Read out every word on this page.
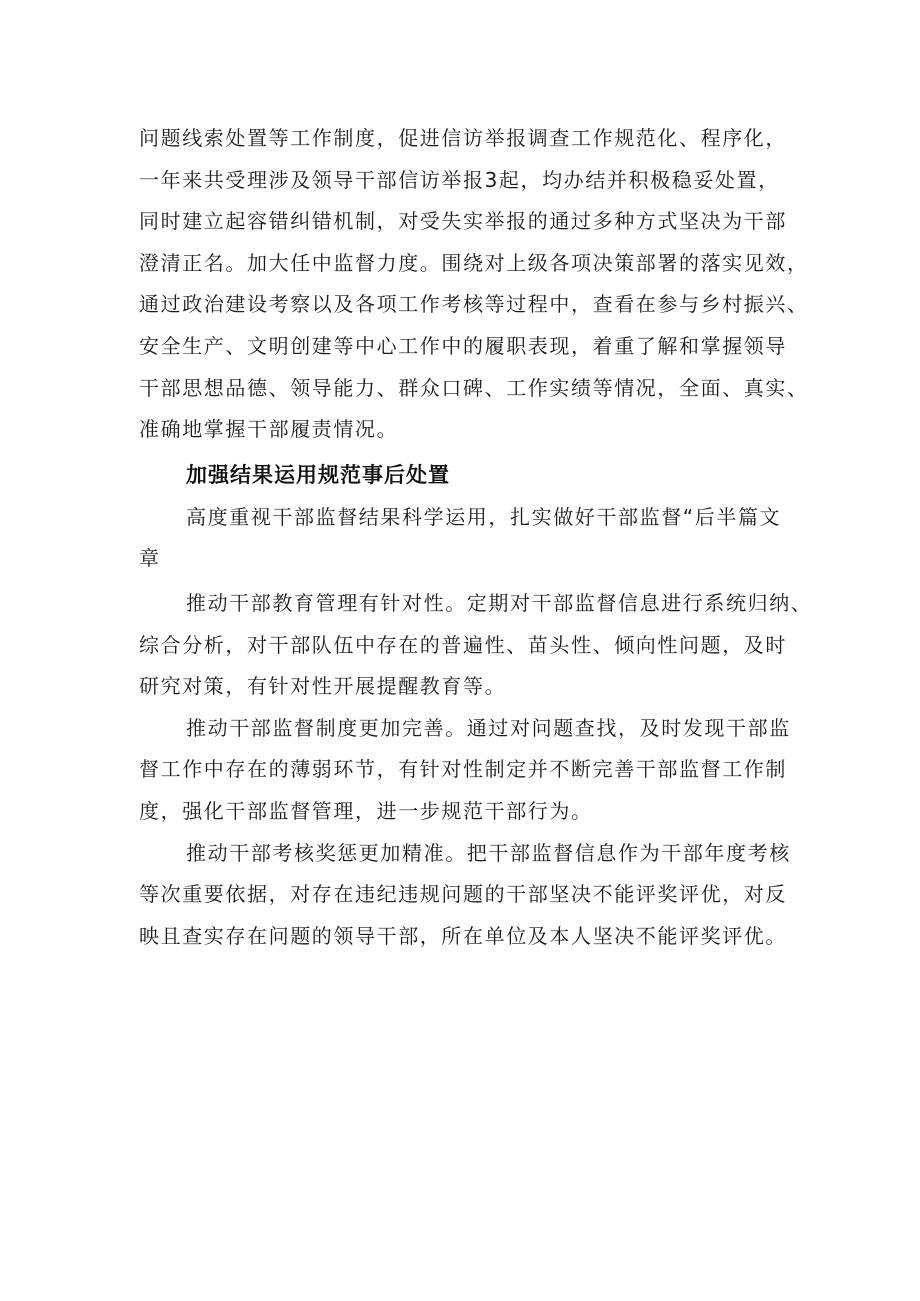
问题线索处置等工作制度，促进信访举报调查工作规范化、程序化，
一年来共受理涉及领导干部信访举报3起，均办结并积极稳妥处置，
同时建立起容错纠错机制，对受失实举报的通过多种方式坚决为干部
澄清正名。加大任中监督力度。围绕对上级各项决策部署的落实见效，
通过政治建设考察以及各项工作考核等过程中，查看在参与乡村振兴、
安全生产、文明创建等中心工作中的履职表现，着重了解和掌握领导
干部思想品德、领导能力、群众口碑、工作实绩等情况，全面、真实、
准确地掌握干部履责情况。

加强结果运用规范事后处置

高度重视干部监督结果科学运用，扎实做好干部监督“后半篇文
章

推动干部教育管理有针对性。定期对干部监督信息进行系统归纳、
综合分析，对干部队伍中存在的普遍性、苗头性、倾向性问题，及时
研究对策，有针对性开展提醒教育等。

推动干部监督制度更加完善。通过对问题查找，及时发现干部监
督工作中存在的薄弱环节，有针对性制定并不断完善干部监督工作制
度，强化干部监督管理，进一步规范干部行为。

推动干部考核奖惩更加精准。把干部监督信息作为干部年度考核
等次重要依据，对存在违纪违规问题的干部坚决不能评奖评优，对反
映且查实存在问题的领导干部，所在单位及本人坚决不能评奖评优。
